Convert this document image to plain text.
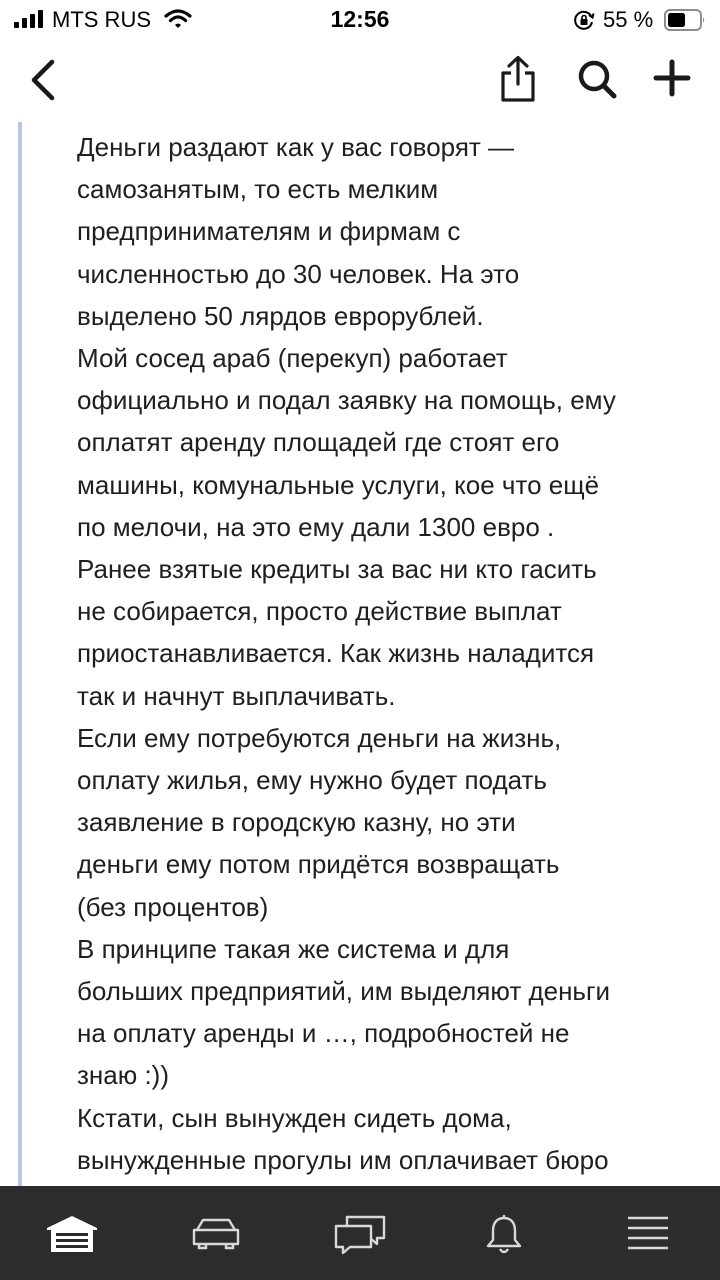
MTS RUS	12:56	55 %
Деньги раздают как у вас говорят —
самозанятым, то есть мелким
предпринимателям и фирмам с
численностью до 30 человек. На это
выделено 50 лярдов еврорублей.
Мой сосед араб (перекуп) работает
официально и подал заявку на помощь, ему
оплатят аренду площадей где стоят его
машины, комунальные услуги, кое что ещё
по мелочи, на это ему дали 1300 евро .
Ранее взятые кредиты за вас ни кто гасить
не собирается, просто действие выплат
приостанавливается. Как жизнь наладится
так и начнут выплачивать.
Если ему потребуются деньги на жизнь,
оплату жилья, ему нужно будет подать
заявление в городскую казну, но эти
деньги ему потом придётся возвращать
(без процентов)
В принципе такая же система и для
больших предприятий, им выделяют деньги
на оплату аренды и …, подробностей не
знаю :))
Кстати, сын вынужден сидеть дома,
вынужденные прогулы им оплачивает бюро
